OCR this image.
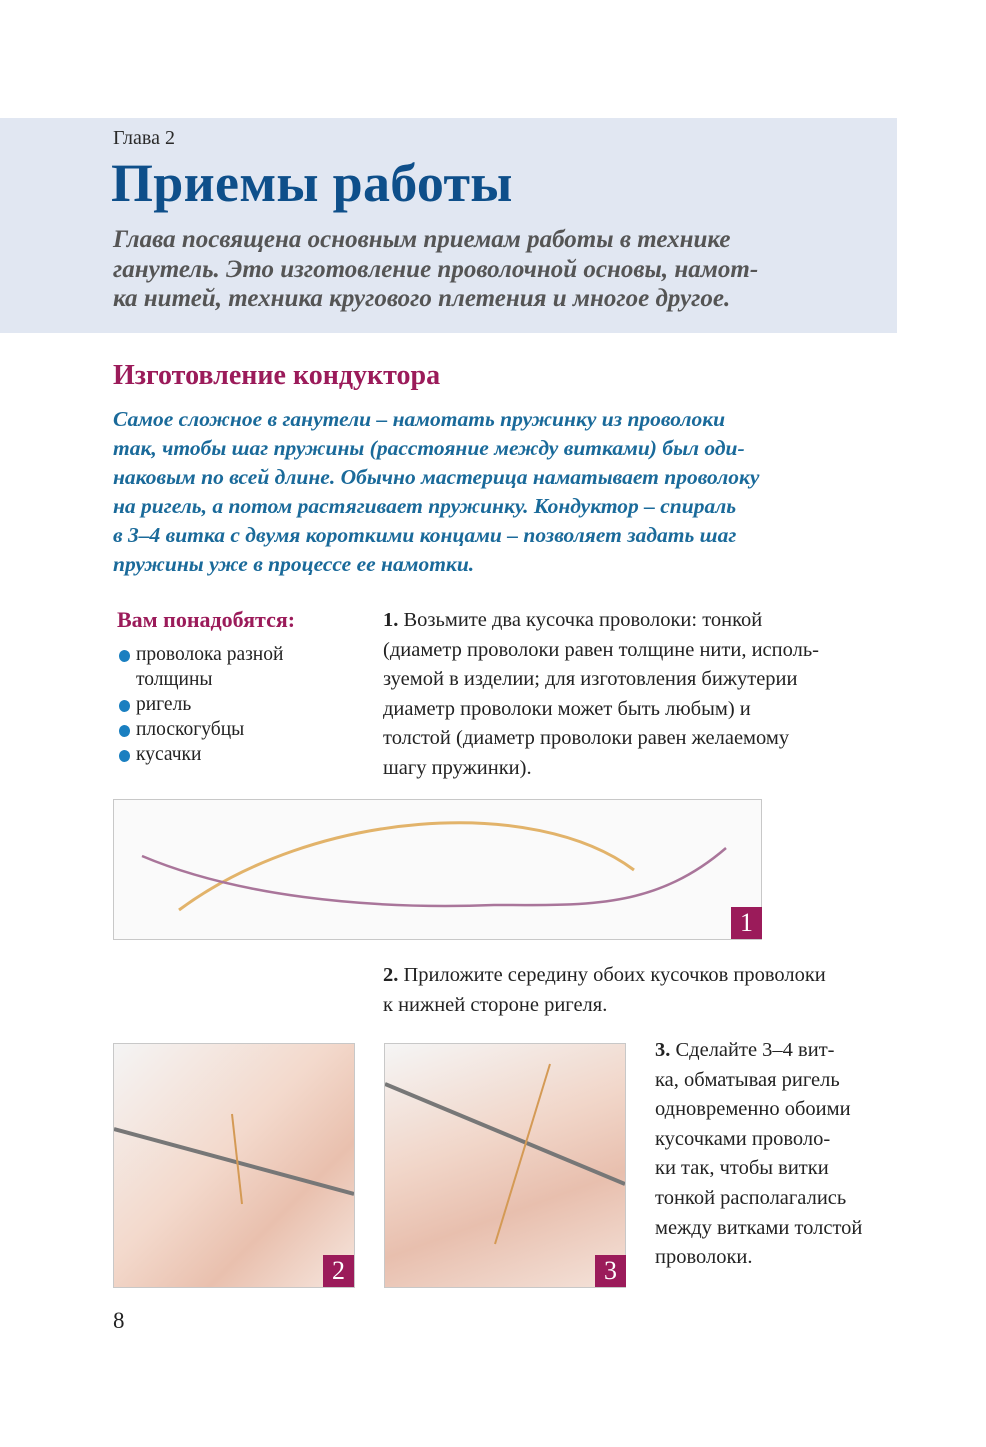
Глава 2
Приемы работы
Глава посвящена основным приемам работы в технике
ганутель. Это изготовление проволочной основы, намот-
ка нитей, техника кругового плетения и многое другое.
Изготовление кондуктора
Самое сложное в ганутели – намотать пружинку из проволоки
так, чтобы шаг пружины (расстояние между витками) был оди-
наковым по всей длине. Обычно мастерица наматывает проволоку
на ригель, а потом растягивает пружинку. Кондуктор – спираль
в 3–4 витка с двумя короткими концами – позволяет задать шаг
пружины уже в процессе ее намотки.
Вам понадобятся:
проволока разной
толщины
ригель
плоскогубцы
кусачки
1. Возьмите два кусочка проволоки: тонкой
(диаметр проволоки равен толщине нити, исполь-
зуемой в изделии; для изготовления бижутерии
диаметр проволоки может быть любым) и
толстой (диаметр проволоки равен желаемому
шагу пружинки).
1
2. Приложите середину обоих кусочков проволоки
к нижней стороне ригеля.
2	3
3. Сделайте 3–4 вит-
ка, обматывая ригель
одновременно обоими
кусочками проволо-
ки так, чтобы витки
тонкой располагались
между витками толстой
проволоки.
8
